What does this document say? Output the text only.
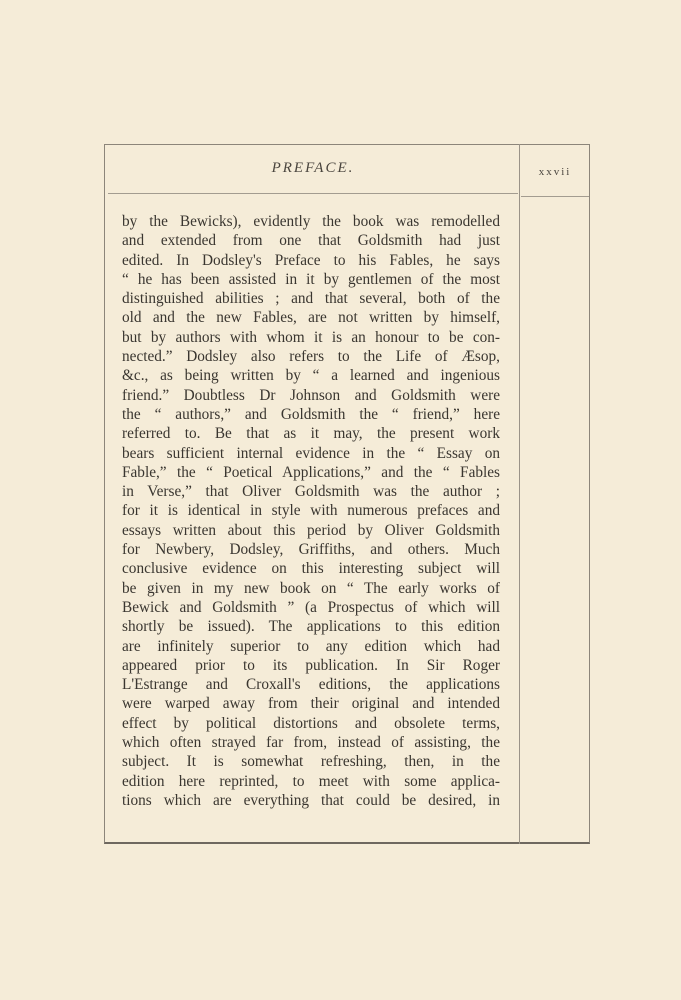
PREFACE.	xxvii
by the Bewicks), evidently the book was remodelled
and extended from one that Goldsmith had just
edited. In Dodsley's Preface to his Fables, he says
“ he has been assisted in it by gentlemen of the most
distinguished abilities ; and that several, both of the
old and the new Fables, are not written by himself,
but by authors with whom it is an honour to be con-
nected.” Dodsley also refers to the Life of Æsop,
&c., as being written by “ a learned and ingenious
friend.” Doubtless Dr Johnson and Goldsmith were
the “ authors,” and Goldsmith the “ friend,” here
referred to. Be that as it may, the present work
bears sufficient internal evidence in the “ Essay on
Fable,” the “ Poetical Applications,” and the “ Fables
in Verse,” that Oliver Goldsmith was the author ;
for it is identical in style with numerous prefaces and
essays written about this period by Oliver Goldsmith
for Newbery, Dodsley, Griffiths, and others. Much
conclusive evidence on this interesting subject will
be given in my new book on “ The early works of
Bewick and Goldsmith ” (a Prospectus of which will
shortly be issued). The applications to this edition
are infinitely superior to any edition which had
appeared prior to its publication. In Sir Roger
L'Estrange and Croxall's editions, the applications
were warped away from their original and intended
effect by political distortions and obsolete terms,
which often strayed far from, instead of assisting, the
subject. It is somewhat refreshing, then, in the
edition here reprinted, to meet with some applica-
tions which are everything that could be desired, in
